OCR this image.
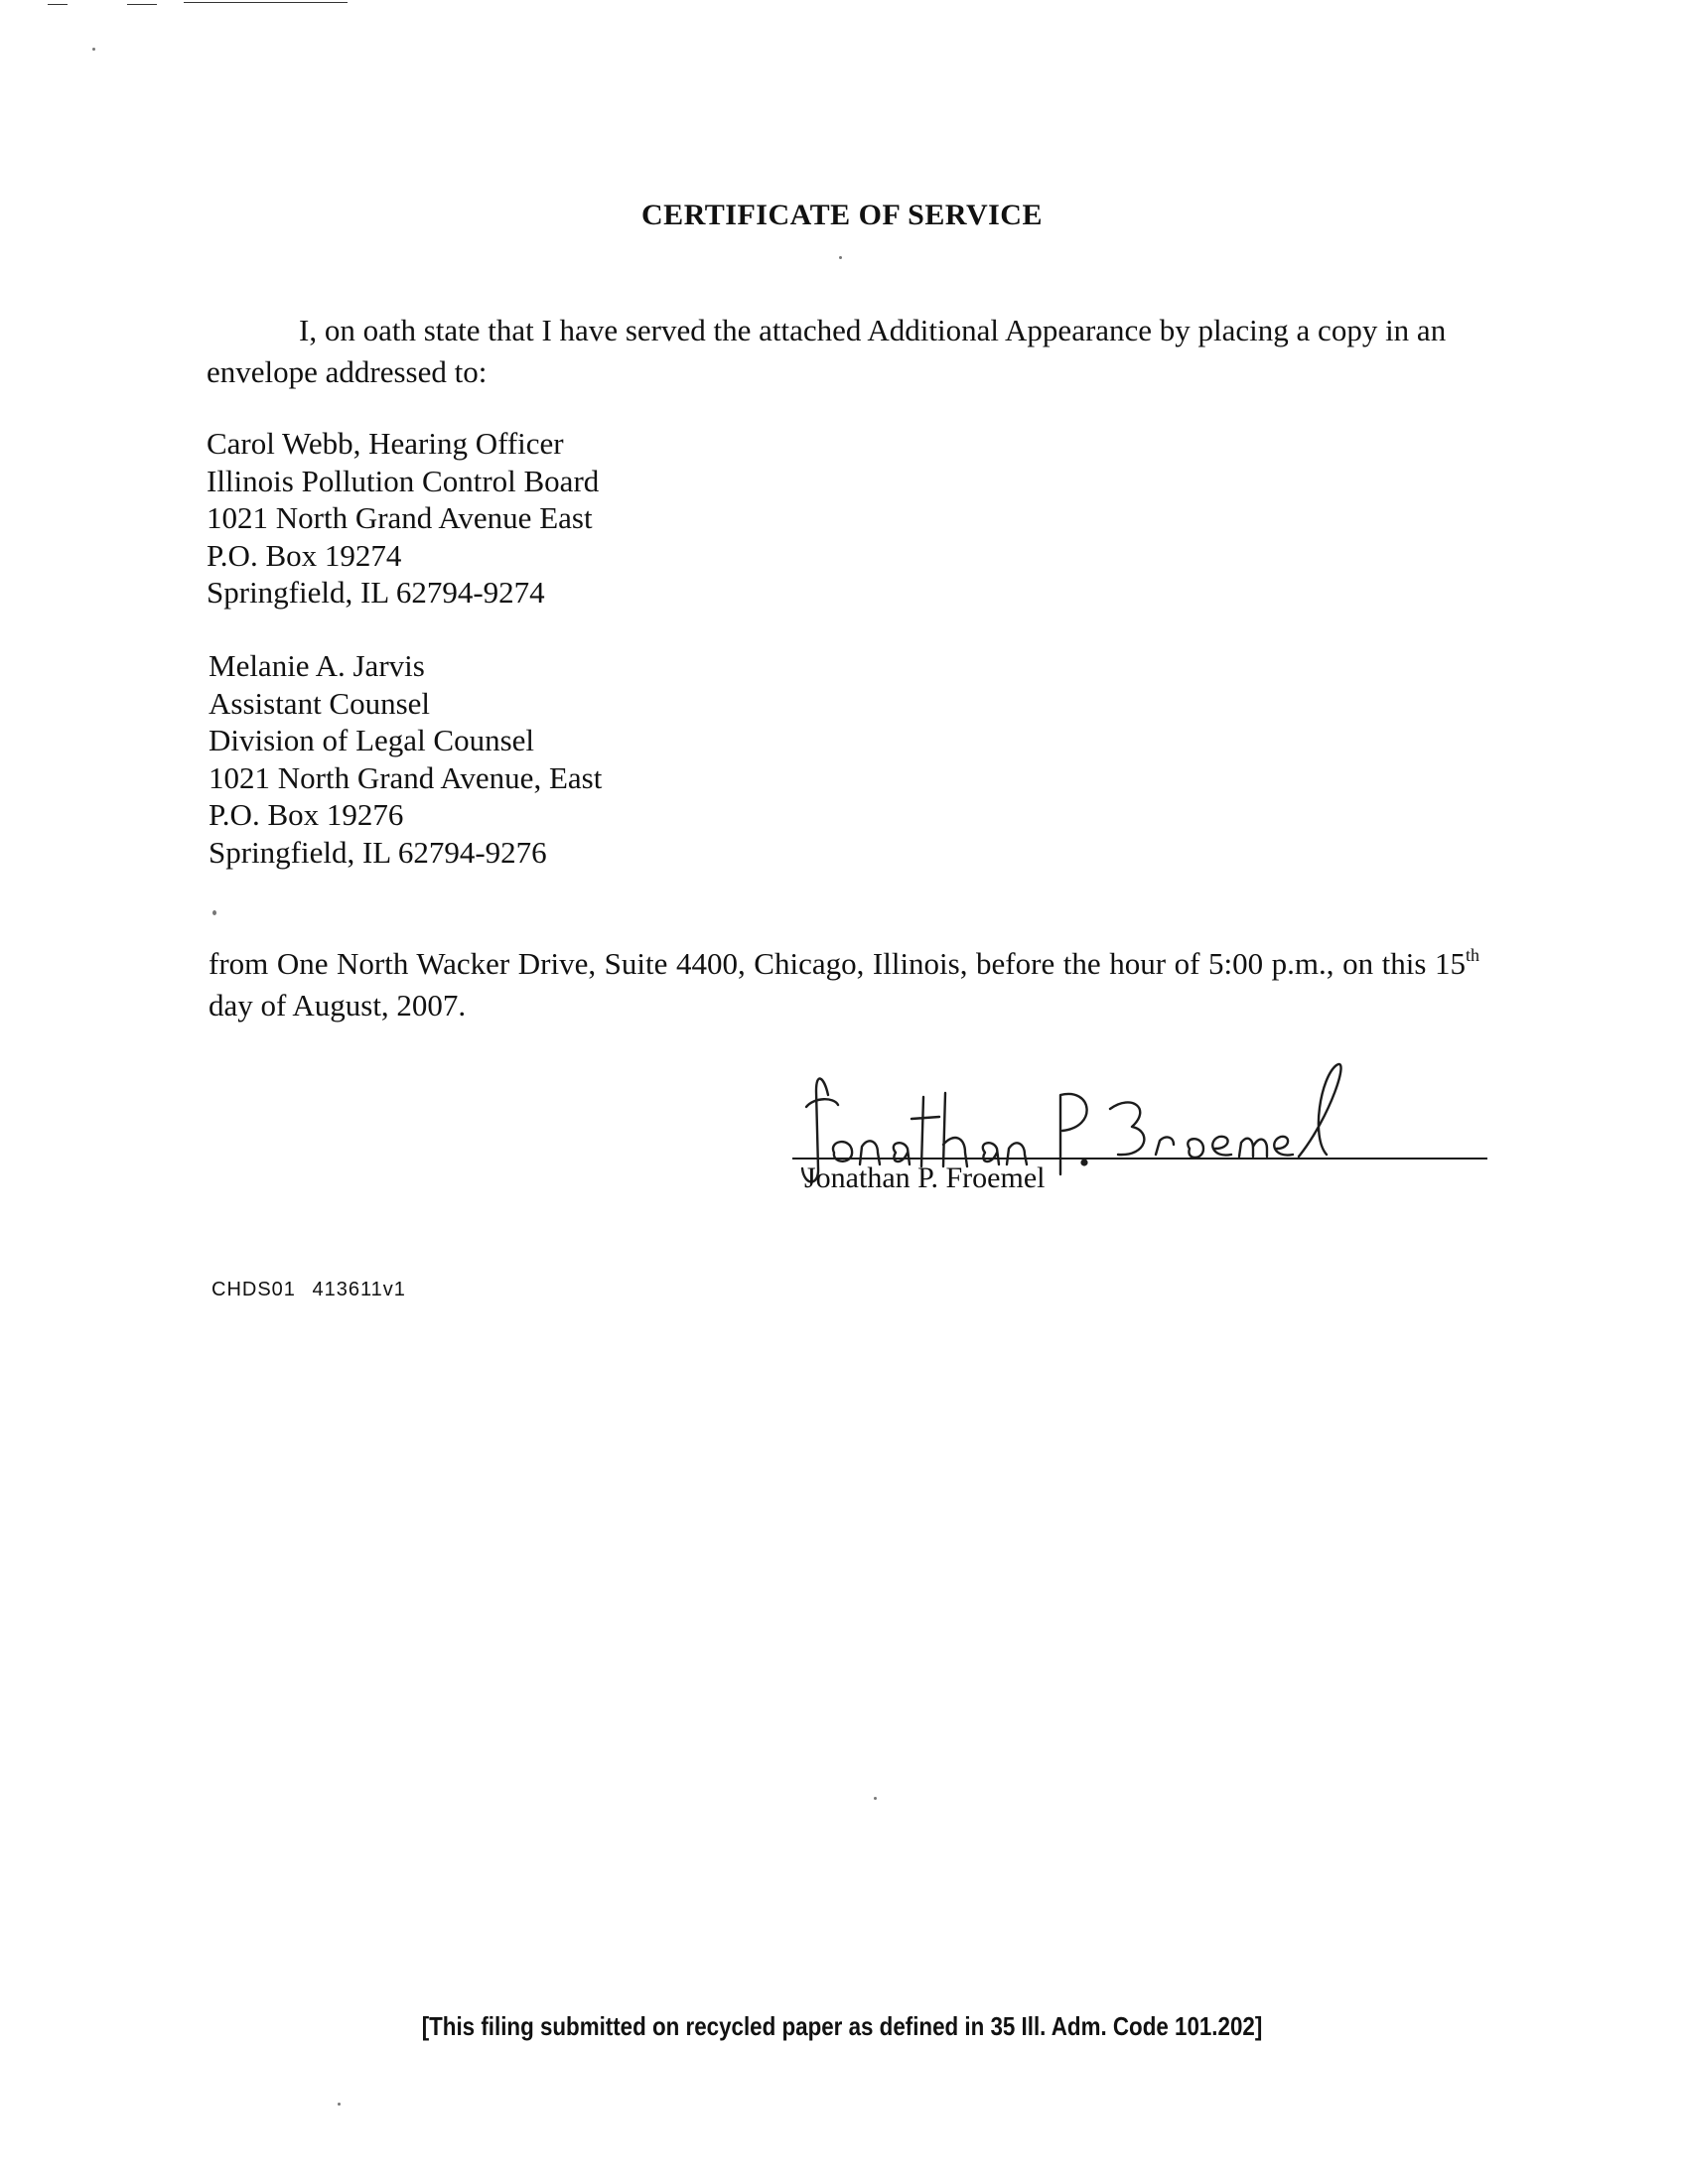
CERTIFICATE OF SERVICE
I, on oath state that I have served the attached Additional Appearance by placing a copy in an envelope addressed to:
Carol Webb, Hearing Officer
Illinois Pollution Control Board
1021 North Grand Avenue East
P.O. Box 19274
Springfield, IL 62794-9274
Melanie A. Jarvis
Assistant Counsel
Division of Legal Counsel
1021 North Grand Avenue, East
P.O. Box 19276
Springfield, IL 62794-9276
from One North Wacker Drive, Suite 4400, Chicago, Illinois, before the hour of 5:00 p.m., on this 15th day of August, 2007.
Jonathan P. Froemel
CHDS01 413611v1
[This filing submitted on recycled paper as defined in 35 Ill. Adm. Code 101.202]
